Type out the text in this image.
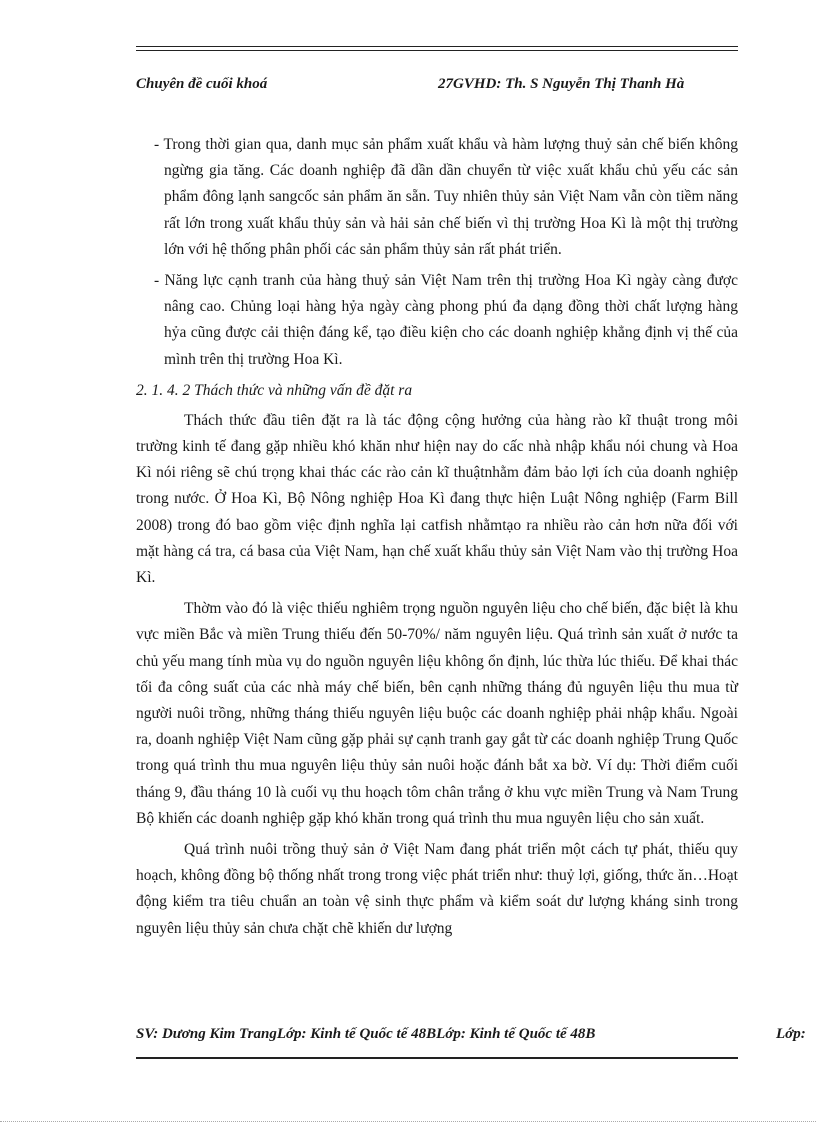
Chuyên đề cuối khoá	27GVHD: Th. S Nguyễn Thị Thanh Hà

- Trong thời gian qua, danh mục sản phẩm xuất khẩu và hàm lượng thuỷ sản chế biến không ngừng gia tăng. Các doanh nghiệp đã dần dần chuyển từ việc xuất khẩu chủ yếu các sản phẩm đông lạnh sangcốc sản phẩm ăn sẵn. Tuy nhiên thủy sản Việt Nam vẫn còn tiềm năng rất lớn trong xuất khẩu thủy sản và hải sản chế biến vì thị trường Hoa Kì là một thị trường lớn với hệ thống phân phối các sản phẩm thủy sản rất phát triển.

- Năng lực cạnh tranh của hàng thuỷ sản Việt Nam trên thị trường Hoa Kì ngày càng được nâng cao. Chủng loại hàng hỷa ngày càng phong phú đa dạng đồng thời chất lượng hàng hỷa cũng được cải thiện đáng kể, tạo điều kiện cho các doanh nghiệp khẳng định vị thế của mình trên thị trường Hoa Kì.

2. 1. 4. 2 Thách thức và những vấn đề đặt ra

Thách thức đầu tiên đặt ra là tác động cộng hưởng của hàng rào kĩ thuật trong môi trường kinh tế đang gặp nhiều khó khăn như hiện nay do cấc nhà nhập khẩu nói chung và Hoa Kì nói riêng sẽ chú trọng khai thác các rào cản kĩ thuậtnhằm đảm bảo lợi ích của doanh nghiệp trong nước. Ở Hoa Kì, Bộ Nông nghiệp Hoa Kì đang thực hiện Luật Nông nghiệp (Farm Bill 2008) trong đó bao gồm việc định nghĩa lại catfish nhằmtạo ra nhiều rào cản hơn nữa đối với mặt hàng cá tra, cá basa của Việt Nam, hạn chế xuất khẩu thủy sản Việt Nam vào thị trường Hoa Kì.

Thờm vào đó là việc thiếu nghiêm trọng nguồn nguyên liệu cho chế biến, đặc biệt là khu vực miền Bắc và miền Trung thiếu đến 50-70%/ năm nguyên liệu. Quá trình sản xuất ở nước ta chủ yếu mang tính mùa vụ do nguồn nguyên liệu không ổn định, lúc thừa lúc thiếu. Để khai thác tối đa công suất của các nhà máy chế biến, bên cạnh những tháng đủ nguyên liệu thu mua từ người nuôi trồng, những tháng thiếu nguyên liệu buộc các doanh nghiệp phải nhập khẩu. Ngoài ra, doanh nghiệp Việt Nam cũng gặp phải sự cạnh tranh gay gắt từ các doanh nghiệp Trung Quốc trong quá trình thu mua nguyên liệu thủy sản nuôi hoặc đánh bắt xa bờ. Ví dụ: Thời điểm cuối tháng 9, đầu tháng 10 là cuối vụ thu hoạch tôm chân trắng ở khu vực miền Trung và Nam Trung Bộ khiến các doanh nghiệp gặp khó khăn trong quá trình thu mua nguyên liệu cho sản xuất.

Quá trình nuôi trồng thuỷ sản ở Việt Nam đang phát triển một cách tự phát, thiếu quy hoạch, không đồng bộ thống nhất trong trong việc phát triển như: thuỷ lợi, giống, thức ăn…Hoạt động kiểm tra tiêu chuẩn an toàn vệ sinh thực phẩm và kiểm soát dư lượng kháng sinh trong nguyên liệu thủy sản chưa chặt chẽ khiến dư lượng

SV: Dương Kim TrangLớp: Kinh tế Quốc tế 48BLớp: Kinh tế Quốc tế 48B	Lớp:
